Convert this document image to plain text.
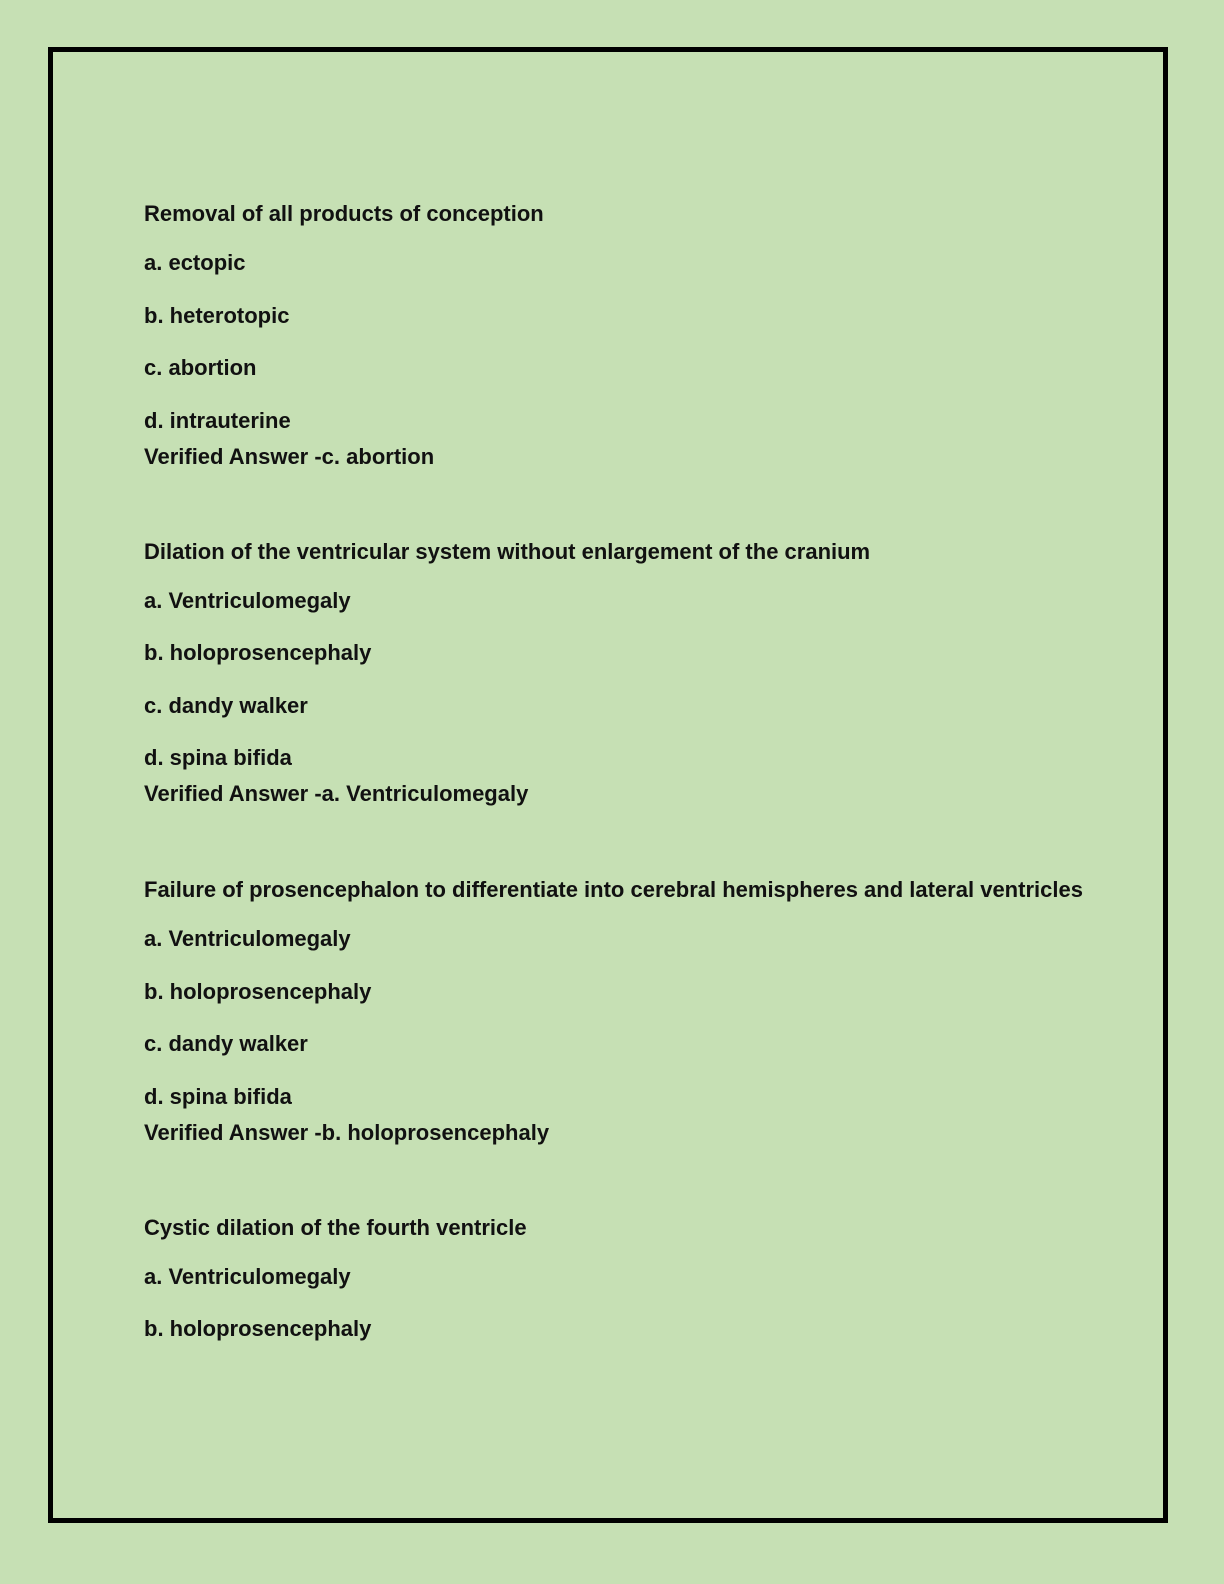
Removal of all products of conception

a. ectopic

b. heterotopic

c. abortion

d. intrauterine

Verified Answer -c. abortion

Dilation of the ventricular system without enlargement of the cranium

a. Ventriculomegaly

b. holoprosencephaly

c. dandy walker

d. spina bifida

Verified Answer -a. Ventriculomegaly

Failure of prosencephalon to differentiate into cerebral hemispheres and lateral ventricles

a. Ventriculomegaly

b. holoprosencephaly

c. dandy walker

d. spina bifida

Verified Answer -b. holoprosencephaly

Cystic dilation of the fourth ventricle

a. Ventriculomegaly

b. holoprosencephaly
